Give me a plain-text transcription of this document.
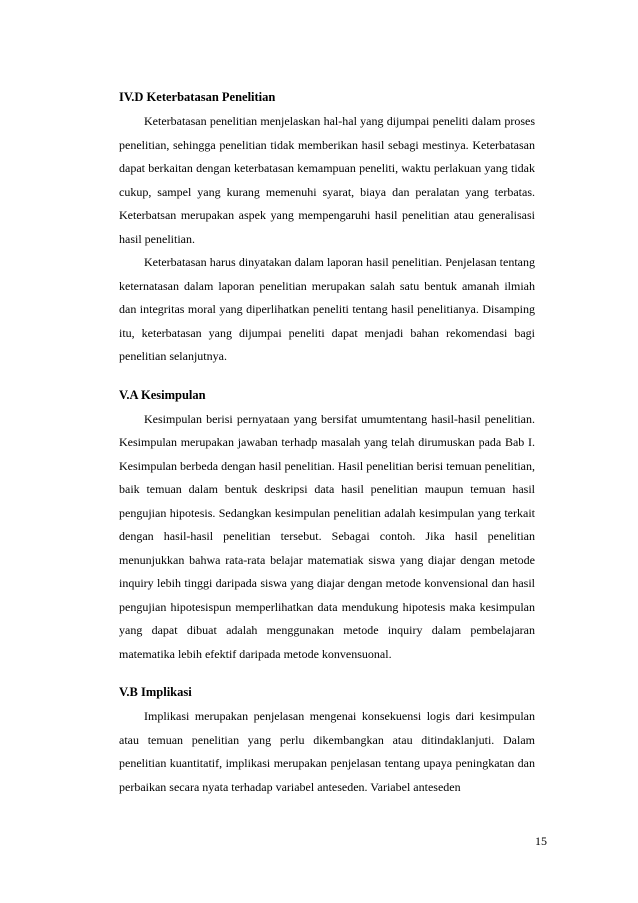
IV.D Keterbatasan Penelitian

Keterbatasan penelitian menjelaskan hal-hal yang dijumpai peneliti dalam proses penelitian, sehingga penelitian tidak memberikan hasil sebagi mestinya. Keterbatasan dapat berkaitan dengan keterbatasan kemampuan peneliti, waktu perlakuan yang tidak cukup, sampel yang kurang memenuhi syarat, biaya dan peralatan yang terbatas. Keterbatsan merupakan aspek yang mempengaruhi hasil penelitian atau generalisasi hasil penelitian.

Keterbatasan harus dinyatakan dalam laporan hasil penelitian. Penjelasan tentang keternatasan dalam laporan penelitian merupakan salah satu bentuk amanah ilmiah dan integritas moral yang diperlihatkan peneliti tentang hasil penelitianya. Disamping itu, keterbatasan yang dijumpai peneliti dapat menjadi bahan rekomendasi bagi penelitian selanjutnya.

V.A Kesimpulan

Kesimpulan berisi pernyataan yang bersifat umumtentang hasil-hasil penelitian. Kesimpulan merupakan jawaban terhadp masalah yang telah dirumuskan pada Bab I. Kesimpulan berbeda dengan hasil penelitian. Hasil penelitian berisi temuan penelitian, baik temuan dalam bentuk deskripsi data hasil penelitian maupun temuan hasil pengujian hipotesis. Sedangkan kesimpulan penelitian adalah kesimpulan yang terkait dengan hasil-hasil penelitian tersebut. Sebagai contoh. Jika hasil penelitian menunjukkan bahwa rata-rata belajar matematiak siswa yang diajar dengan metode inquiry lebih tinggi daripada siswa yang diajar dengan metode konvensional dan hasil pengujian hipotesispun memperlihatkan data mendukung hipotesis maka kesimpulan yang dapat dibuat adalah menggunakan metode inquiry dalam pembelajaran matematika lebih efektif daripada metode konvensuonal.

V.B Implikasi

Implikasi merupakan penjelasan mengenai konsekuensi logis dari kesimpulan atau temuan penelitian yang perlu dikembangkan atau ditindaklanjuti. Dalam penelitian kuantitatif, implikasi merupakan penjelasan tentang upaya peningkatan dan perbaikan secara nyata terhadap variabel anteseden. Variabel anteseden

15
